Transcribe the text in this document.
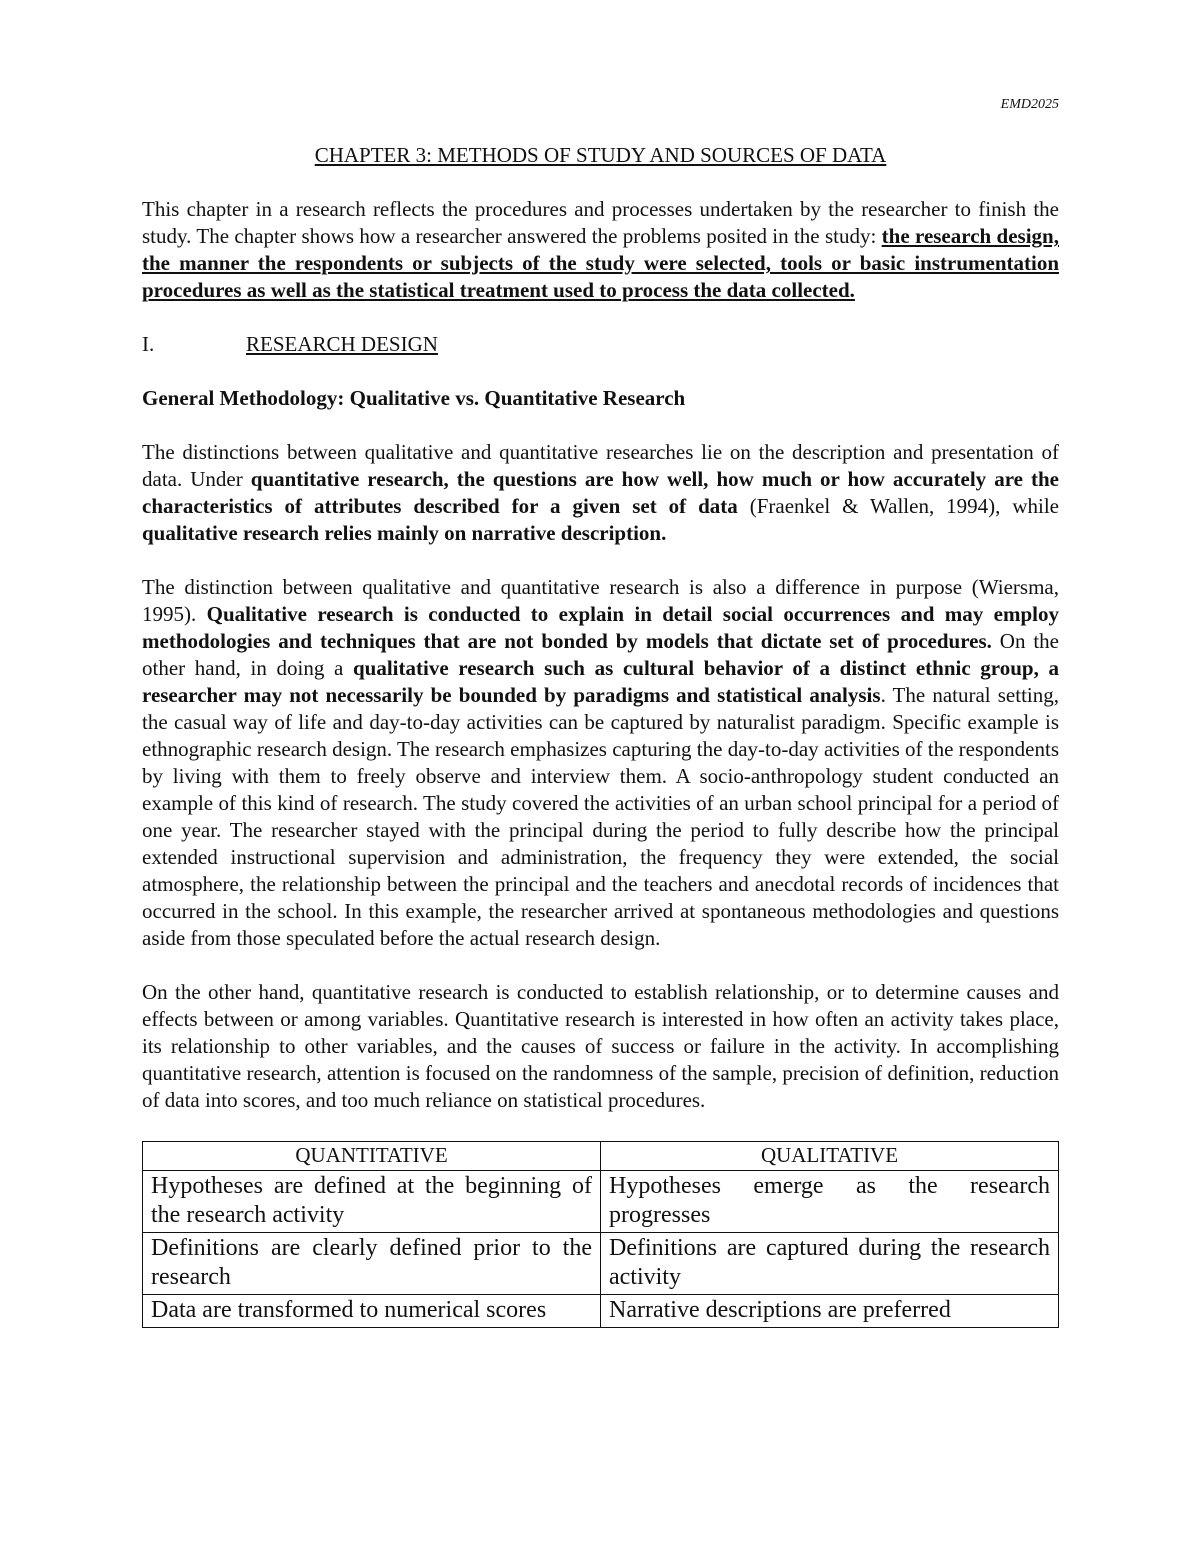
EMD2025
CHAPTER 3: METHODS OF STUDY AND SOURCES OF DATA

This chapter in a research reflects the procedures and processes undertaken by the researcher to finish the study. The chapter shows how a researcher answered the problems posited in the study: the research design, the manner the respondents or subjects of the study were selected, tools or basic instrumentation procedures as well as the statistical treatment used to process the data collected.

I.	RESEARCH DESIGN
General Methodology: Qualitative vs. Quantitative Research

The distinctions between qualitative and quantitative researches lie on the description and presentation of data. Under quantitative research, the questions are how well, how much or how accurately are the characteristics of attributes described for a given set of data (Fraenkel & Wallen, 1994), while qualitative research relies mainly on narrative description.

The distinction between qualitative and quantitative research is also a difference in purpose (Wiersma, 1995). Qualitative research is conducted to explain in detail social occurrences and may employ methodologies and techniques that are not bonded by models that dictate set of procedures. On the other hand, in doing a qualitative research such as cultural behavior of a distinct ethnic group, a researcher may not necessarily be bounded by paradigms and statistical analysis. The natural setting, the casual way of life and day-to-day activities can be captured by naturalist paradigm. Specific example is ethnographic research design. The research emphasizes capturing the day-to-day activities of the respondents by living with them to freely observe and interview them. A socio-anthropology student conducted an example of this kind of research. The study covered the activities of an urban school principal for a period of one year. The researcher stayed with the principal during the period to fully describe how the principal extended instructional supervision and administration, the frequency they were extended, the social atmosphere, the relationship between the principal and the teachers and anecdotal records of incidences that occurred in the school. In this example, the researcher arrived at spontaneous methodologies and questions aside from those speculated before the actual research design.

On the other hand, quantitative research is conducted to establish relationship, or to determine causes and effects between or among variables. Quantitative research is interested in how often an activity takes place, its relationship to other variables, and the causes of success or failure in the activity. In accomplishing quantitative research, attention is focused on the randomness of the sample, precision of definition, reduction of data into scores, and too much reliance on statistical procedures.

QUANTITATIVE	QUALITATIVE
Hypotheses are defined at the beginning of the research activity	Hypotheses emerge as the research progresses
Definitions are clearly defined prior to the research	Definitions are captured during the research activity
Data are transformed to numerical scores	Narrative descriptions are preferred
